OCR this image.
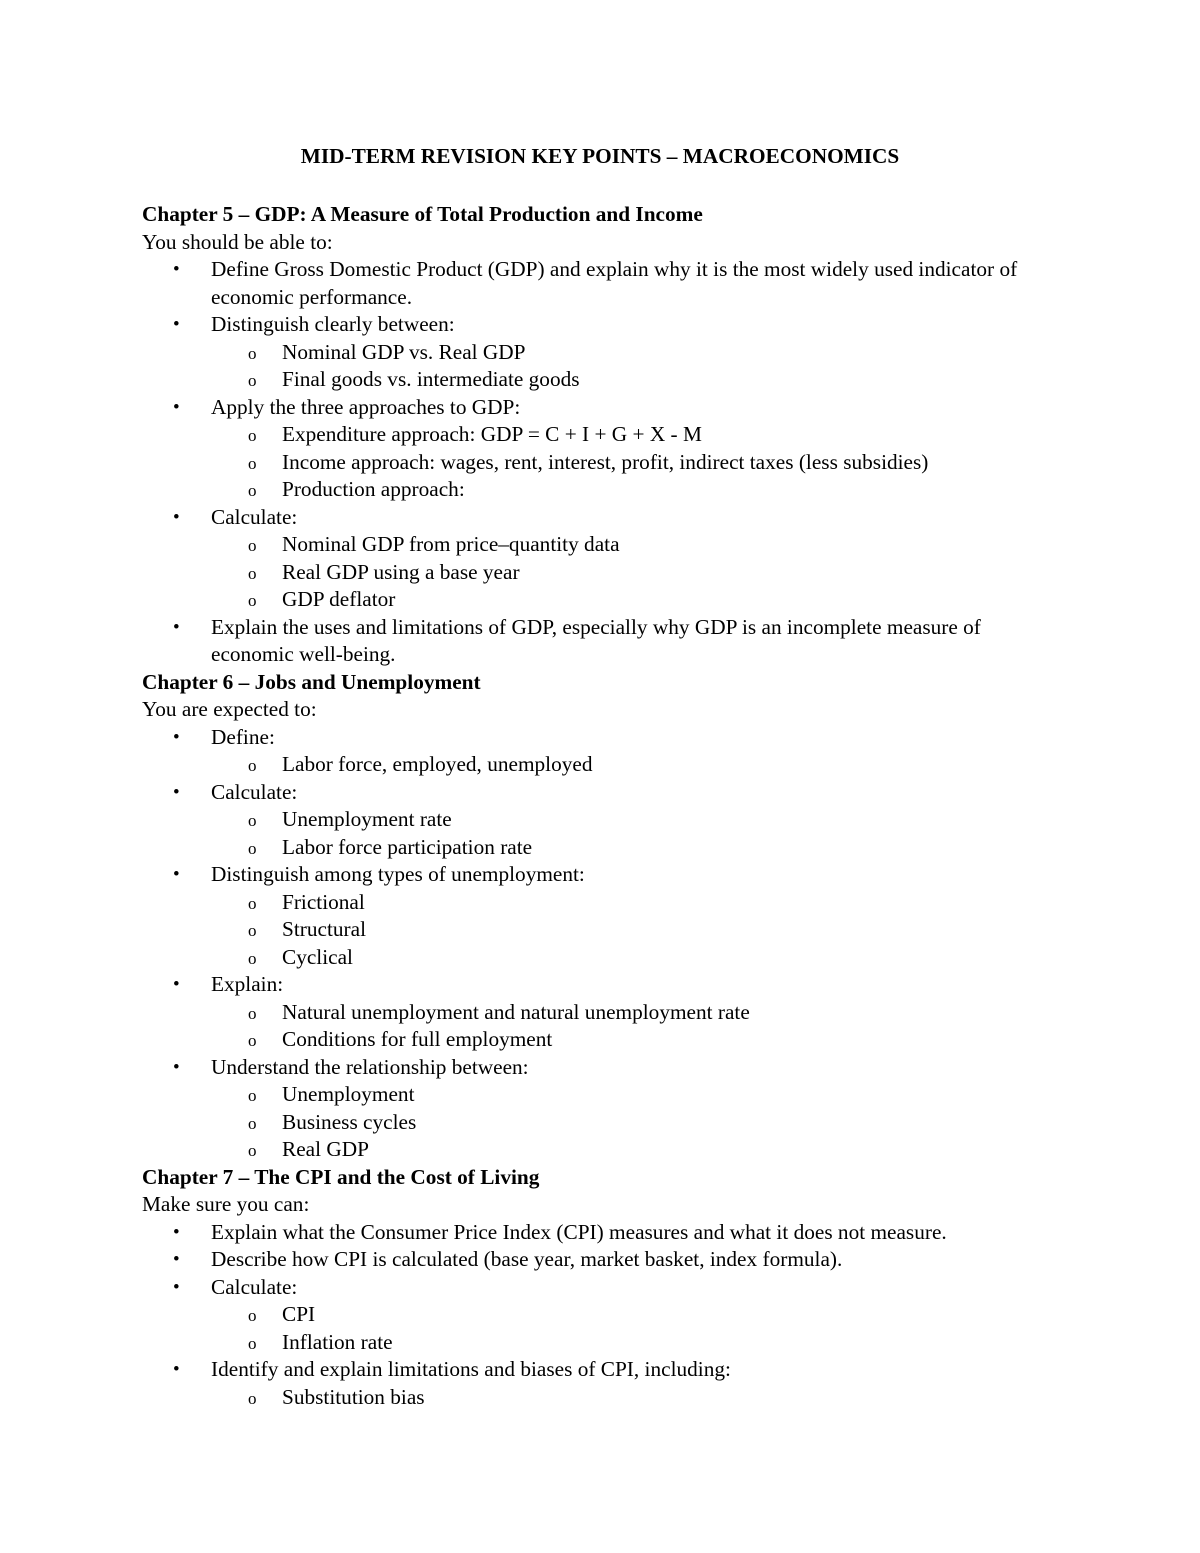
MID-TERM REVISION KEY POINTS – MACROECONOMICS
Chapter 5 – GDP: A Measure of Total Production and Income
You should be able to:
• Define Gross Domestic Product (GDP) and explain why it is the most widely used indicator of economic performance.
• Distinguish clearly between:
o Nominal GDP vs. Real GDP
o Final goods vs. intermediate goods
• Apply the three approaches to GDP:
o Expenditure approach: GDP = C + I + G + X - M
o Income approach: wages, rent, interest, profit, indirect taxes (less subsidies)
o Production approach:
• Calculate:
o Nominal GDP from price–quantity data
o Real GDP using a base year
o GDP deflator
• Explain the uses and limitations of GDP, especially why GDP is an incomplete measure of economic well-being.
Chapter 6 – Jobs and Unemployment
You are expected to:
• Define:
o Labor force, employed, unemployed
• Calculate:
o Unemployment rate
o Labor force participation rate
• Distinguish among types of unemployment:
o Frictional
o Structural
o Cyclical
• Explain:
o Natural unemployment and natural unemployment rate
o Conditions for full employment
• Understand the relationship between:
o Unemployment
o Business cycles
o Real GDP
Chapter 7 – The CPI and the Cost of Living
Make sure you can:
• Explain what the Consumer Price Index (CPI) measures and what it does not measure.
• Describe how CPI is calculated (base year, market basket, index formula).
• Calculate:
o CPI
o Inflation rate
• Identify and explain limitations and biases of CPI, including:
o Substitution bias
